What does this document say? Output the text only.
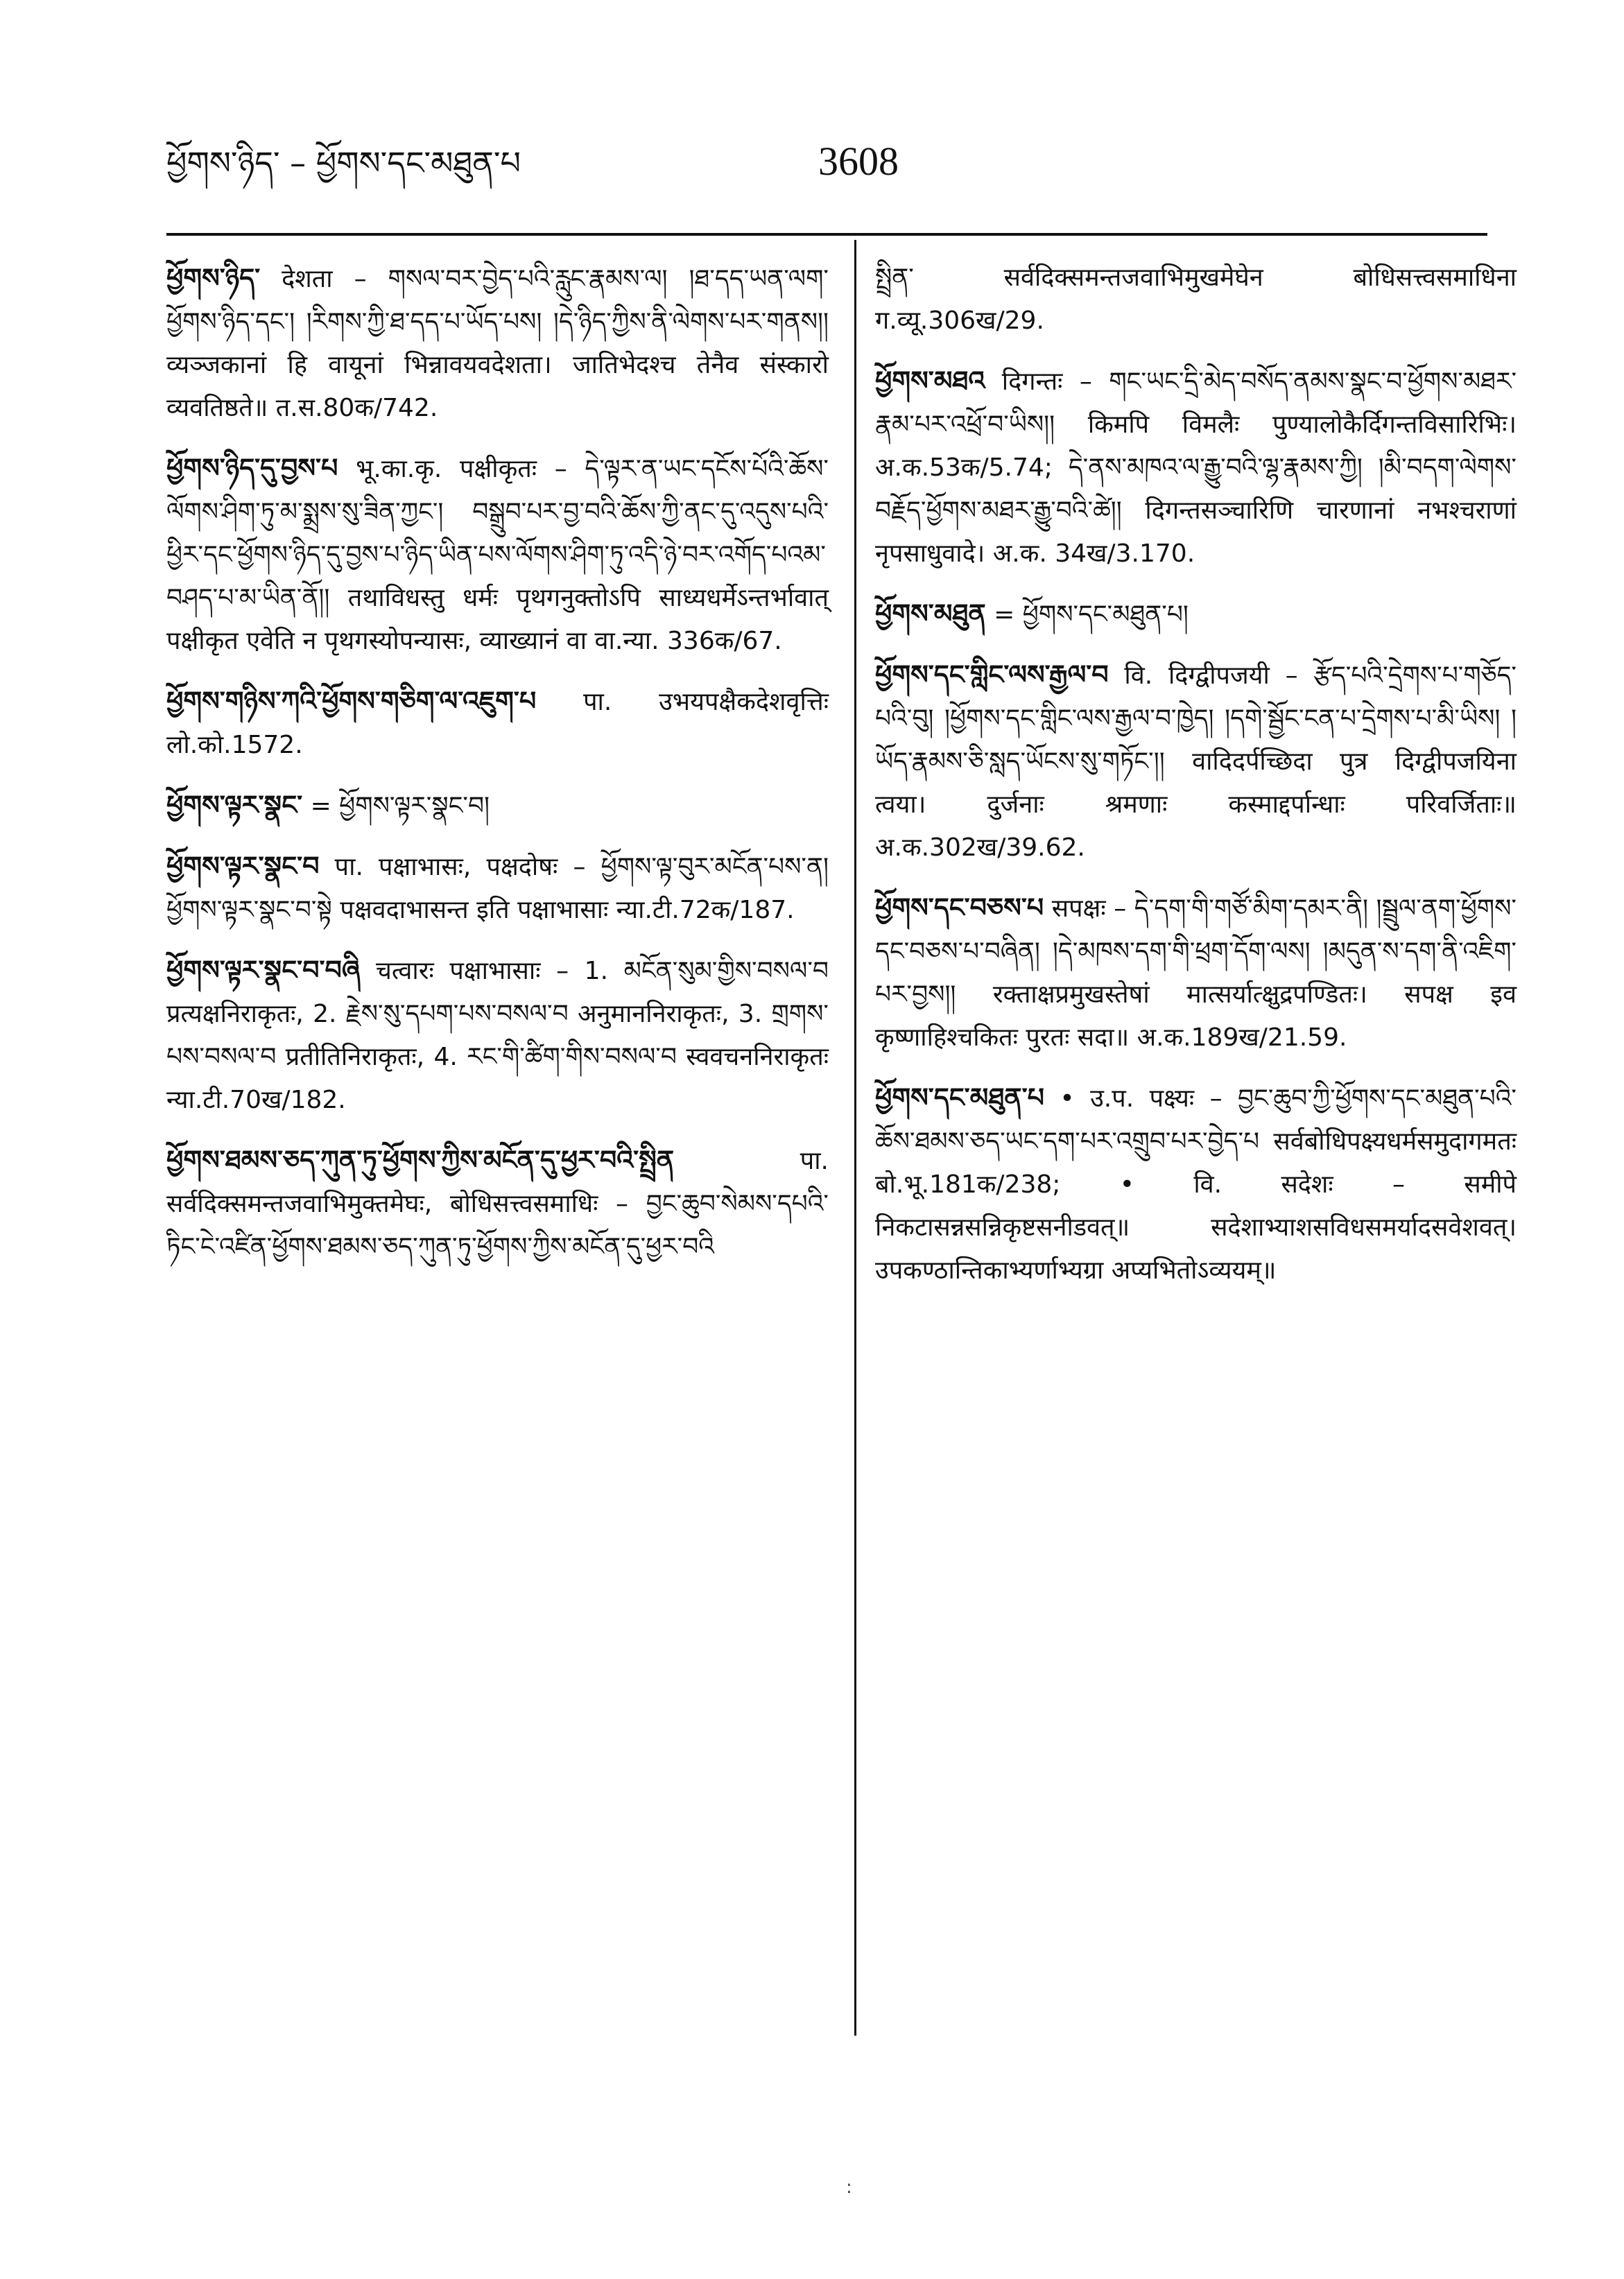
ཕྱོགས་ཉིད་ – ཕྱོགས་དང་མཐུན་པ	3608
ཕྱོགས་ཉིད་ देशता – གསལ་བར་བྱེད་པའི་རླུང་རྣམས་ལ། །ཐ་དད་ཡན་ལག་ཕྱོགས་ཉིད་དང་། །རིགས་ཀྱི་ཐ་དད་པ་ཡོད་པས། །དེ་ཉིད་ཀྱིས་ནི་ལེགས་པར་གནས།། व्यञ्जकानां हि वायूनां भिन्नावयवदेशता। जातिभेदश्च तेनैव संस्कारो व्यवतिष्ठते॥ त.स.80क/742.
ཕྱོགས་ཉིད་དུ་བྱས་པ भू.का.कृ. पक्षीकृतः – དེ་ལྟར་ན་ཡང་དངོས་པོའི་ཆོས་ལོགས་ཤིག་ཏུ་མ་སྨྲས་སུ་ཟིན་ཀྱང་། བསྒྲུབ་པར་བྱ་བའི་ཆོས་ཀྱི་ནང་དུ་འདུས་པའི་ཕྱིར་དང་ཕྱོགས་ཉིད་དུ་བྱས་པ་ཉིད་ཡིན་པས་ལོགས་ཤིག་ཏུ་འདི་ཉེ་བར་འགོད་པའམ་བཤད་པ་མ་ཡིན་ནོ།། तथाविधस्तु धर्मः पृथगनुक्तोऽपि साध्यधर्मेऽन्तर्भावात् पक्षीकृत एवेति न पृथगस्योपन्यासः, व्याख्यानं वा वा.न्या. 336क/67.
ཕྱོགས་གཉིས་ཀའི་ཕྱོགས་གཅིག་ལ་འཇུག་པ पा. उभयपक्षैकदेशवृत्तिः लो.को.1572.
ཕྱོགས་ལྟར་སྣང་ = ཕྱོགས་ལྟར་སྣང་བ།
ཕྱོགས་ལྟར་སྣང་བ पा. पक्षाभासः, पक्षदोषः – ཕྱོགས་ལྟ་བུར་མངོན་པས་ན། ཕྱོགས་ལྟར་སྣང་བ་སྟེ पक्षवदाभासन्त इति पक्षाभासाः न्या.टी.72क/187.
ཕྱོགས་ལྟར་སྣང་བ་བཞི चत्वारः पक्षाभासाः – 1. མངོན་སུམ་གྱིས་བསལ་བ प्रत्यक्षनिराकृतः, 2. རྗེས་སུ་དཔག་པས་བསལ་བ अनुमाननिराकृतः, 3. གྲགས་པས་བསལ་བ प्रतीतिनिराकृतः, 4. རང་གི་ཚིག་གིས་བསལ་བ स्ववचननिराकृतः न्या.टी.70ख/182.
ཕྱོགས་ཐམས་ཅད་ཀུན་ཏུ་ཕྱོགས་ཀྱིས་མངོན་དུ་ཕྱར་བའི་སྤྲིན	पा. सर्वदिक्समन्तजवाभिमुक्तमेघः, बोधिसत्त्वसमाधिः – བྱང་ཆུབ་སེམས་དཔའི་ཏིང་ངེ་འཛིན་ཕྱོགས་ཐམས་ཅད་ཀུན་ཏུ་ཕྱོགས་ཀྱིས་མངོན་དུ་ཕྱར་བའི
སྤྲིན་ सर्वदिक्समन्तजवाभिमुखमेघेन बोधिसत्त्वसमाधिना ग.व्यू.306ख/29.
ཕྱོགས་མཐའ दिगन्तः – གང་ཡང་དྲི་མེད་བསོད་ནམས་སྣང་བ་ཕྱོགས་མཐར་རྣམ་པར་འཕྲོ་བ་ཡིས།། किमपि विमलैः पुण्यालोकैर्दिगन्तविसारिभिः। अ.क.53क/5.74; དེ་ནས་མཁའ་ལ་རྒྱུ་བའི་ལྷ་རྣམས་ཀྱི། །མི་བདག་ལེགས་བརྗོད་ཕྱོགས་མཐར་རྒྱུ་བའི་ཚེ།། दिगन्तसञ्चारिणि चारणानां नभश्चराणां नृपसाधुवादे। अ.क. 34ख/3.170.
ཕྱོགས་མཐུན = ཕྱོགས་དང་མཐུན་པ།
ཕྱོགས་དང་གླིང་ལས་རྒྱལ་བ वि. दिग्द्वीपजयी – རྩོད་པའི་དྲེགས་པ་གཅོད་པའི་བུ། །ཕྱོགས་དང་གླིང་ལས་རྒྱལ་བ་ཁྱེད། །དགེ་སྦྱོང་ངན་པ་དྲེགས་པ་མི་ཡིས། །ཡོད་རྣམས་ཅི་སླད་ཡོངས་སུ་གཏོང་།། वादिदर्पच्छिदा पुत्र दिग्द्वीपजयिना त्वया। दुर्जनाः श्रमणाः कस्माद्दर्पान्धाः परिवर्जिताः॥ अ.क.302ख/39.62.
ཕྱོགས་དང་བཅས་པ सपक्षः – དེ་དག་གི་གཙོ་མིག་དམར་ནི། །སྦྲུལ་ནག་ཕྱོགས་དང་བཅས་པ་བཞིན། །དེ་མཁས་དག་གི་ཕྲག་དོག་ལས། །མདུན་ས་དག་ནི་འཇིག་པར་བྱས།། रक्ताक्षप्रमुखस्तेषां मात्सर्यात्क्षुद्रपण्डितः। सपक्ष इव कृष्णाहिश्चकितः पुरतः सदा॥ अ.क.189ख/21.59.
ཕྱོགས་དང་མཐུན་པ • उ.प. पक्ष्यः – བྱང་ཆུབ་ཀྱི་ཕྱོགས་དང་མཐུན་པའི་ཆོས་ཐམས་ཅད་ཡང་དག་པར་འགྲུབ་པར་བྱེད་པ सर्वबोधिपक्ष्यधर्मसमुदागमतः बो.भू.181क/238; • वि. सदेशः – समीपे निकटासन्नसन्निकृष्टसनीडवत्॥ सदेशाभ्याशसविधसमर्यादसवेशवत्। उपकण्ठान्तिकाभ्यर्णाभ्यग्रा अप्यभितोऽव्ययम्॥
:
